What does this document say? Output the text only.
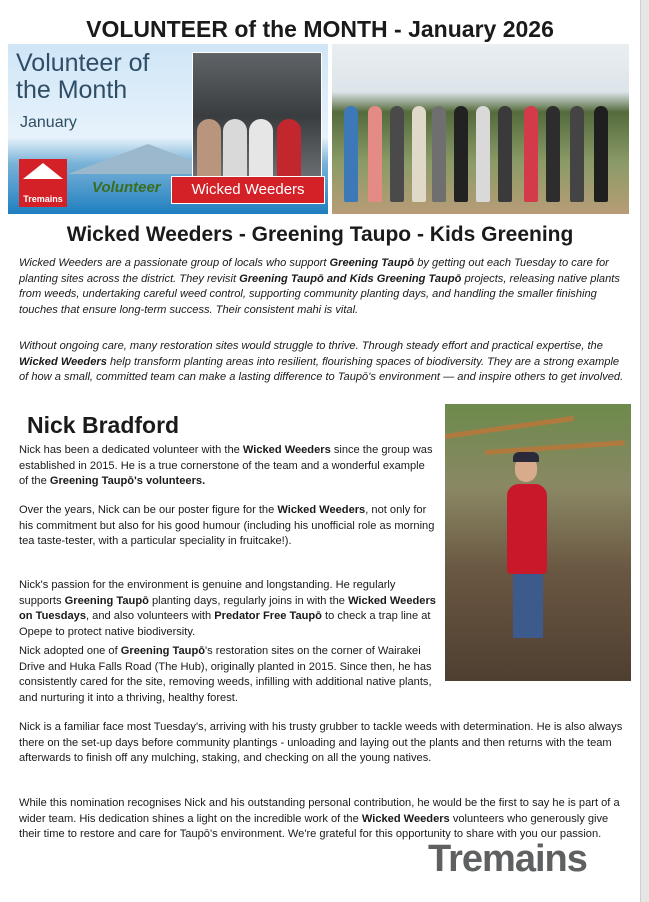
VOLUNTEER of the MONTH - January 2026
Volunteer of the Month
January
Wicked Weeders
Tremains
Volunteer
Wicked Weeders - Greening Taupo - Kids Greening

Wicked Weeders are a passionate group of locals who support Greening Taupō by getting out each Tuesday to care for planting sites across the district. They revisit Greening Taupō and Kids Greening Taupō projects, releasing native plants from weeds, undertaking careful weed control, supporting community planting days, and handling the smaller finishing touches that ensure long-term success. Their consistent mahi is vital.

Without ongoing care, many restoration sites would struggle to thrive. Through steady effort and practical expertise, the Wicked Weeders help transform planting areas into resilient, flourishing spaces of biodiversity. They are a strong example of how a small, committed team can make a lasting difference to Taupō's environment — and inspire others to get involved.

Nick Bradford

Nick has been a dedicated volunteer with the Wicked Weeders since the group was established in 2015. He is a true cornerstone of the team and a wonderful example of the Greening Taupō's volunteers.

Over the years, Nick can be our poster figure for the Wicked Weeders, not only for his commitment but also for his good humour (including his unofficial role as morning tea taste-tester, with a particular speciality in fruitcake!).

Nick's passion for the environment is genuine and longstanding. He regularly supports Greening Taupō planting days, regularly joins in with the Wicked Weeders on Tuesdays, and also volunteers with Predator Free Taupō to check a trap line at Opepe to protect native biodiversity.

Nick adopted one of Greening Taupō's restoration sites on the corner of Wairakei Drive and Huka Falls Road (The Hub), originally planted in 2015. Since then, he has consistently cared for the site, removing weeds, infilling with additional native plants, and nurturing it into a thriving, healthy forest.

Nick is a familiar face most Tuesday's, arriving with his trusty grubber to tackle weeds with determination. He is also always there on the set-up days before community plantings - unloading and laying out the plants and then returns with the team afterwards to finish off any mulching, staking, and checking on all the young natives.

While this nomination recognises Nick and his outstanding personal contribution, he would be the first to say he is part of a wider team. His dedication shines a light on the incredible work of the Wicked Weeders volunteers who generously give their time to restore and care for Taupō's environment. We're grateful for this opportunity to share with you our passion.

Tremains
